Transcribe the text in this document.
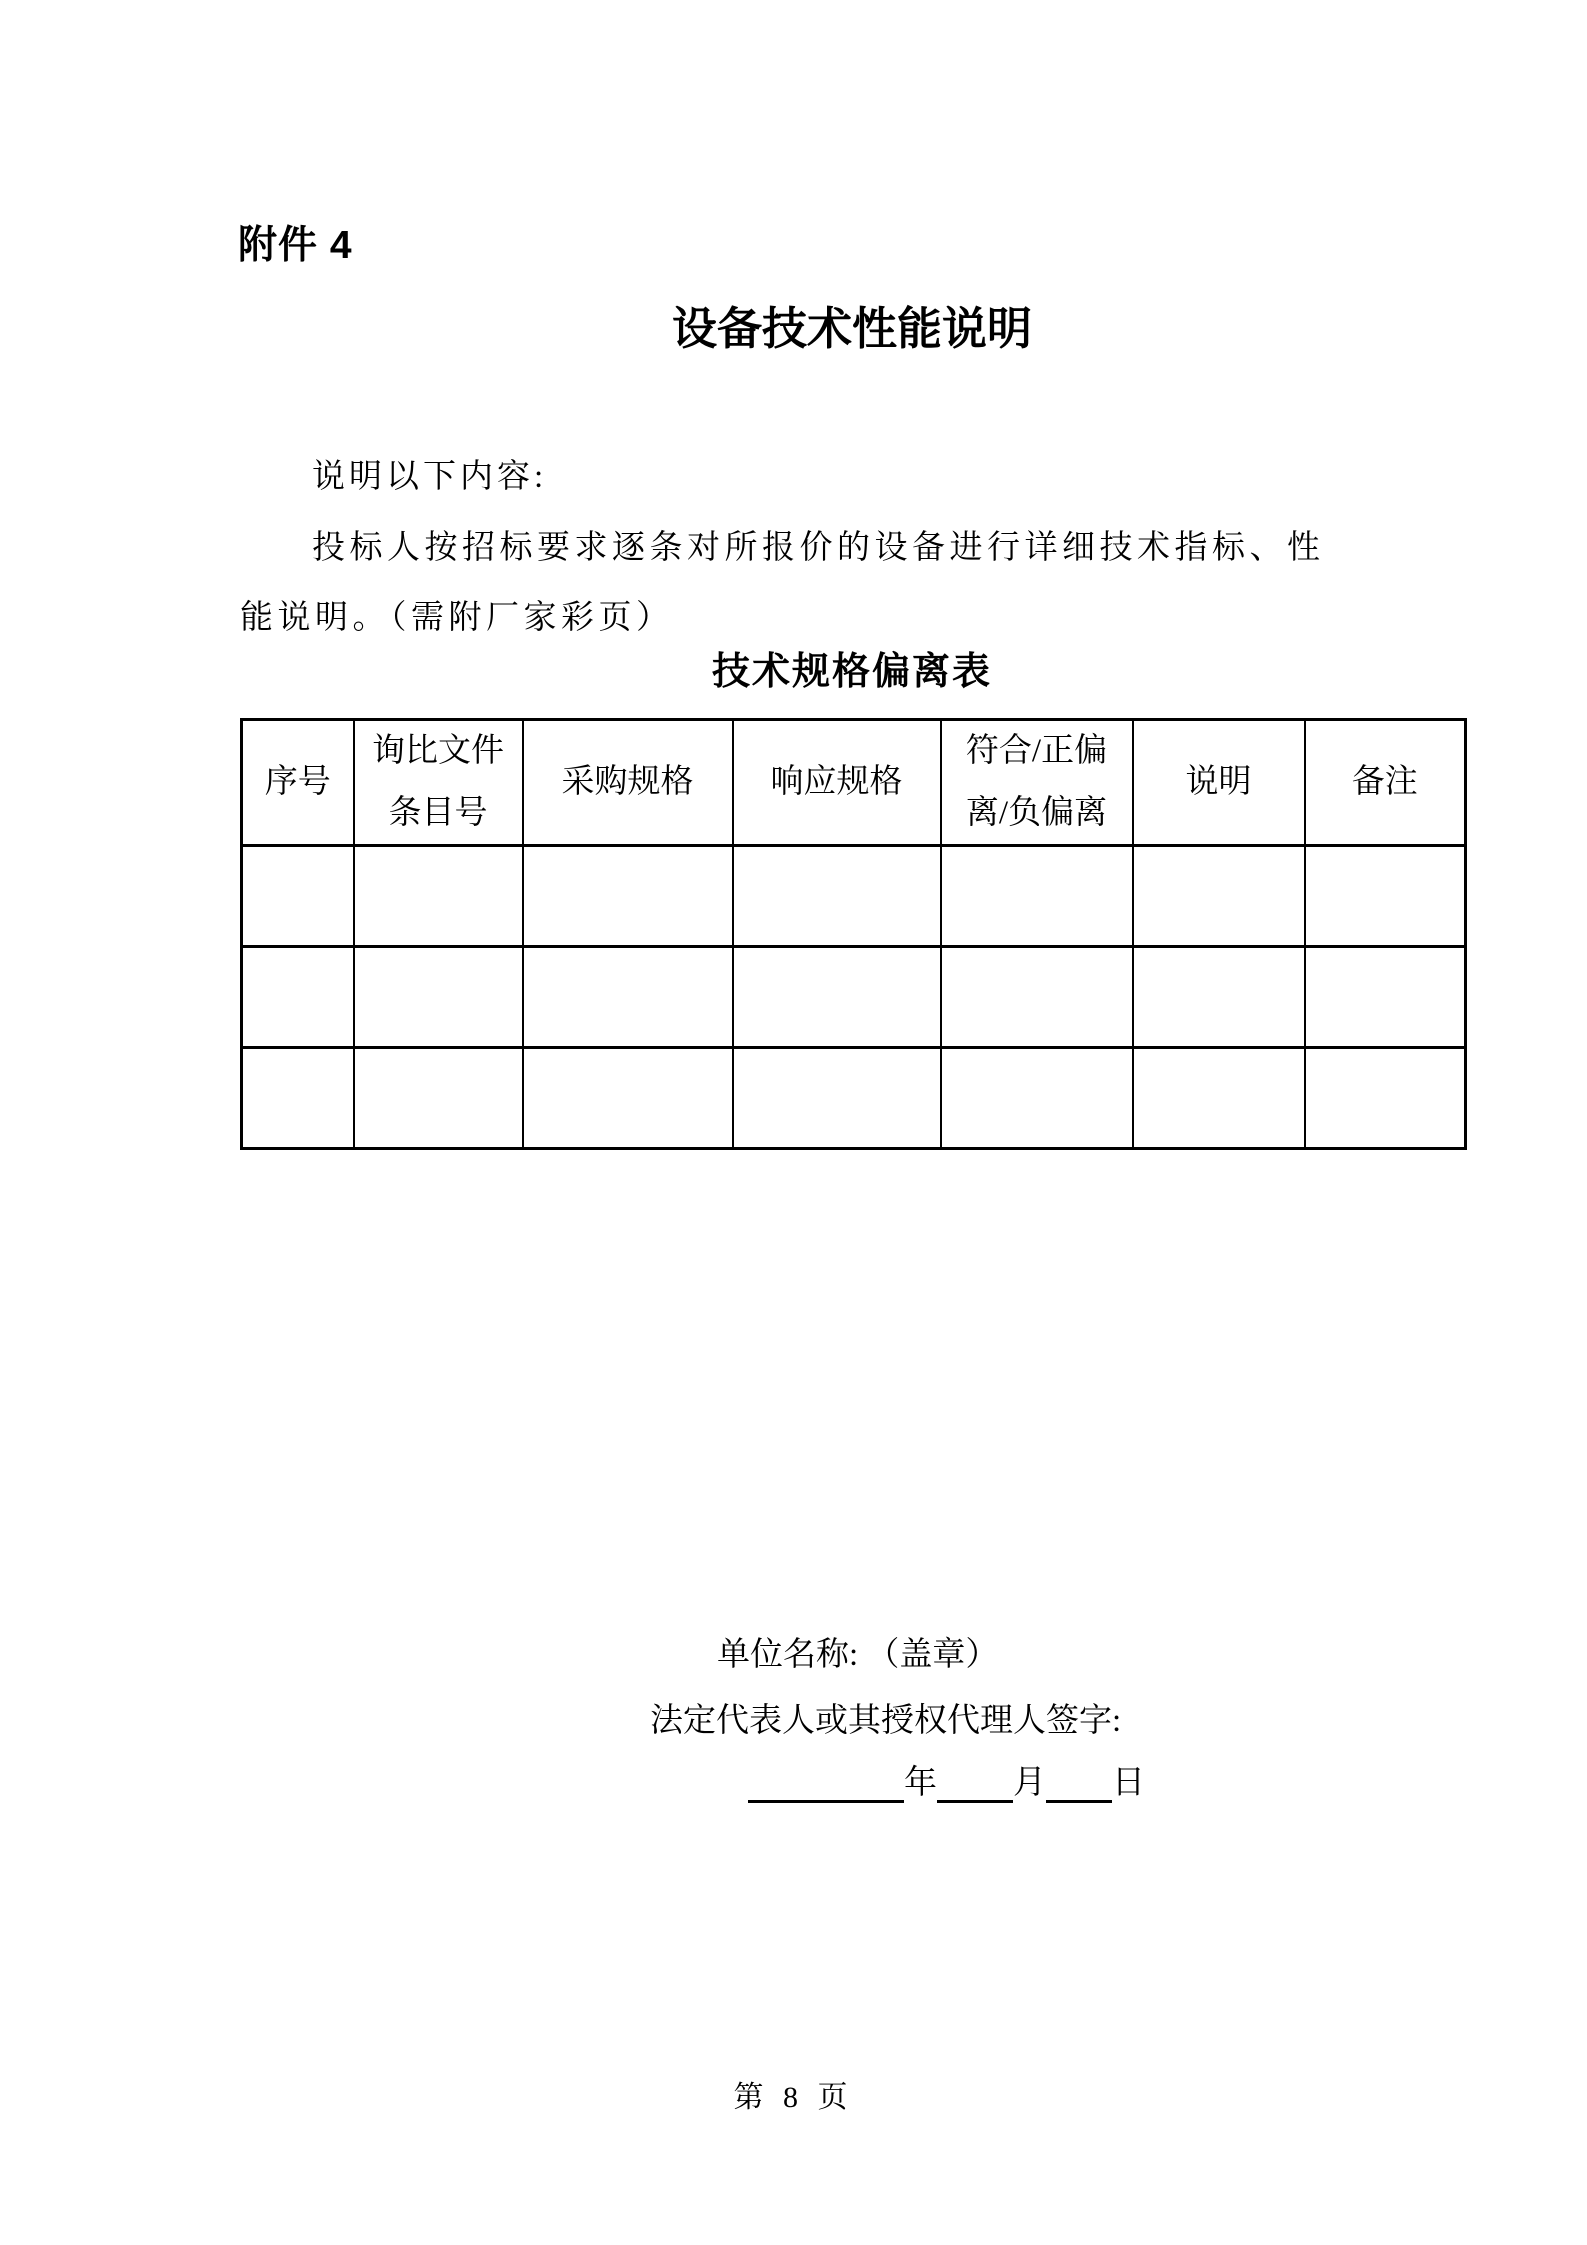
附件 4
设备技术性能说明
说明以下内容:
投标人按招标要求逐条对所报价的设备进行详细技术指标、性
能说明。（需附厂家彩页）
技术规格偏离表
序号	询比文件条目号	采购规格	响应规格	符合/正偏离/负偏离	说明	备注

单位名称: （盖章）
法定代表人或其授权代理人签字:
年 月 日
第 8 页
